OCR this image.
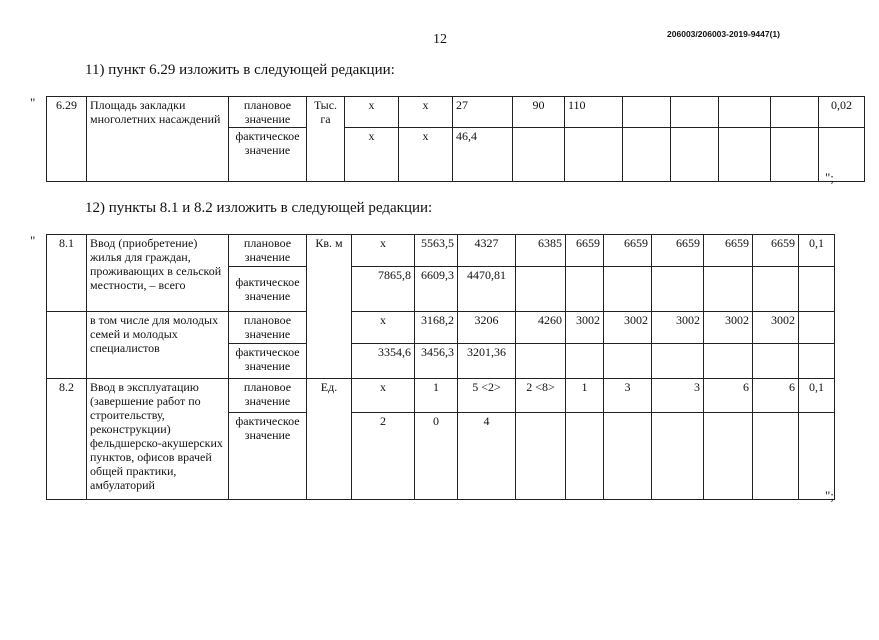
12	206003/206003-2019-9447(1)
11) пункт 6.29 изложить в следующей редакции:
" 6.29	Площадь закладки многолетних насаждений	плановое значение	Тыс. га	х	х	27	90	110					0,02
		фактическое значение		х	х	46,4							
";
12) пункты 8.1 и 8.2 изложить в следующей редакции:
" 8.1	Ввод (приобретение) жилья для граждан, проживающих в сельской местности, – всего	плановое значение	Кв. м	х	5563,5	4327	6385	6659	6659	6659	6659	6659	0,1
		фактическое значение		7865,8	6609,3	4470,81							
	в том числе для молодых семей и молодых специалистов	плановое значение		х	3168,2	3206	4260	3002	3002	3002	3002	3002	
		фактическое значение		3354,6	3456,3	3201,36							
8.2	Ввод в эксплуатацию (завершение работ по строительству, реконструкции) фельдшерско-акушерских пунктов, офисов врачей общей практики, амбулаторий	плановое значение	Ед.	х	1	5 <2>	2 <8>	1	3	3	6	6	0,1
		фактическое значение		2	0	4							
";
